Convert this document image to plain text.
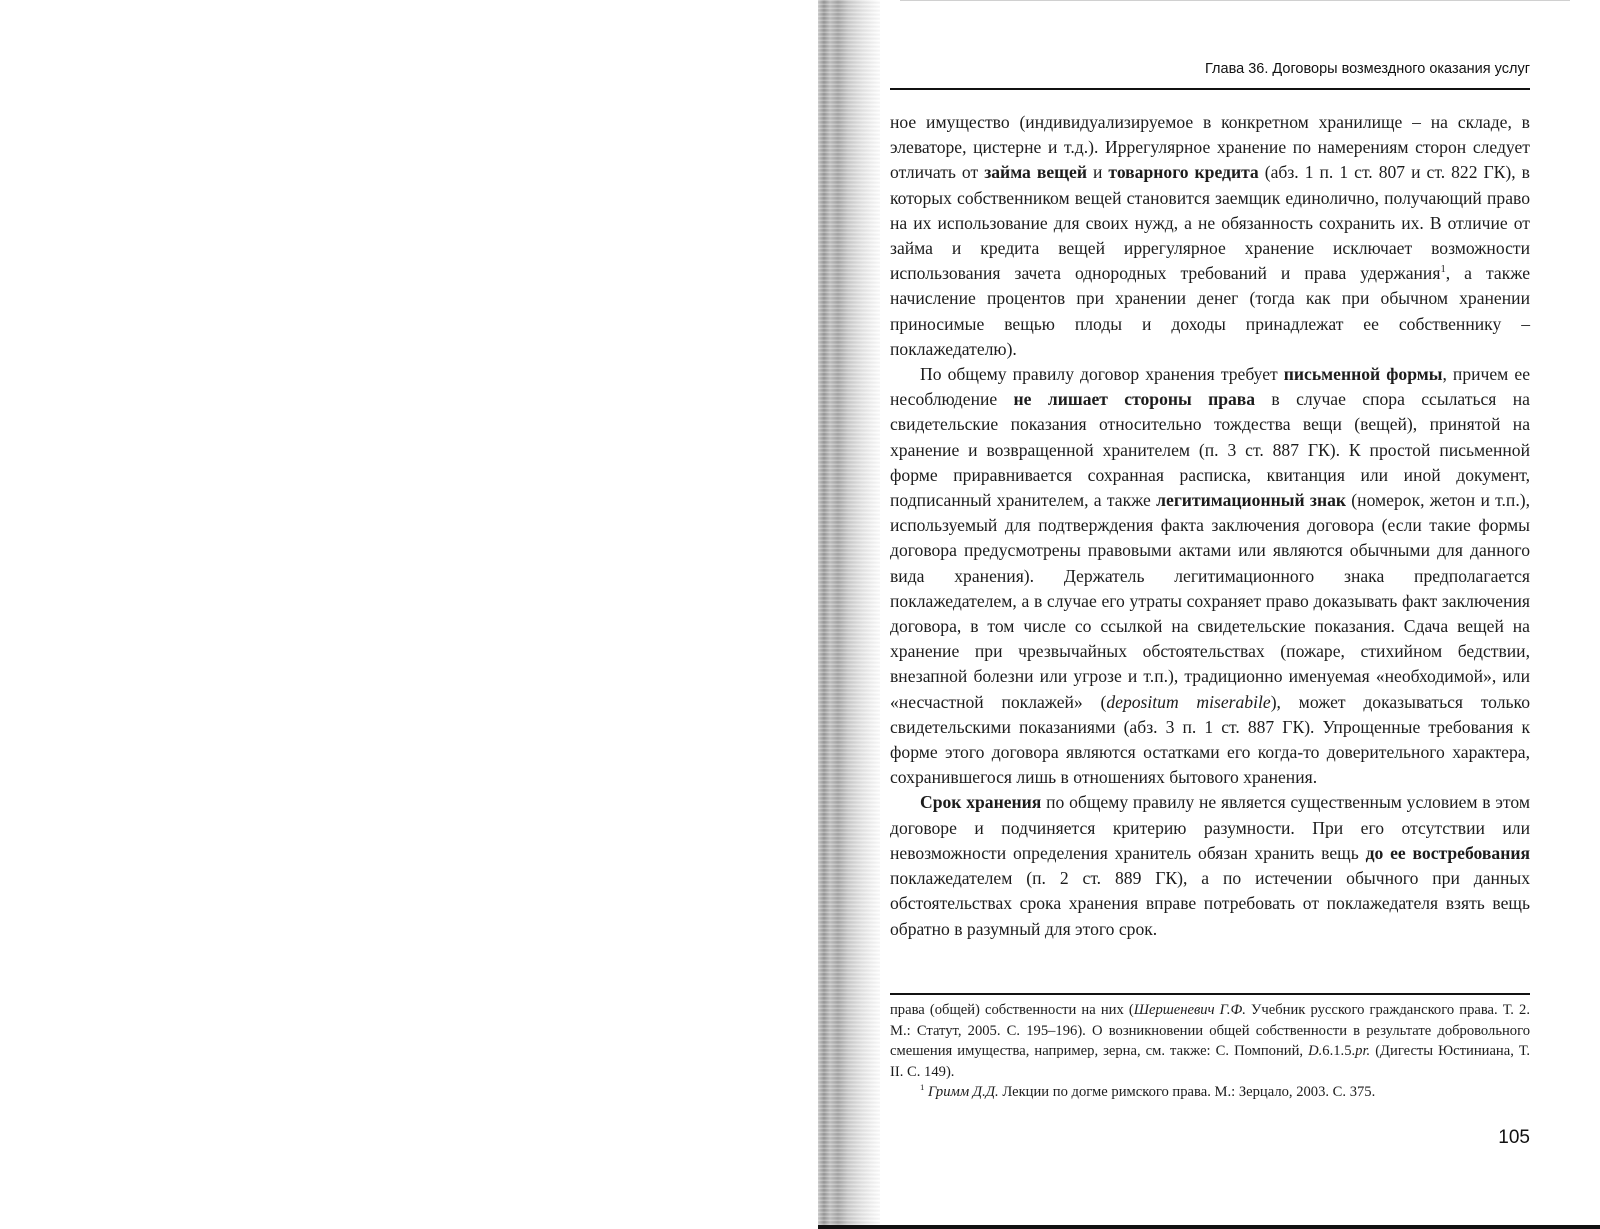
Глава 36. Договоры возмездного оказания услуг

ное имущество (индивидуализируемое в конкретном хранилище – на складе, в элеваторе, цистерне и т.д.). Иррегулярное хранение по намерениям сторон следует отличать от займа вещей и товарного кредита (абз. 1 п. 1 ст. 807 и ст. 822 ГК), в которых собственником вещей становится заемщик единолично, получающий право на их использование для своих нужд, а не обязанность сохранить их. В отличие от займа и кредита вещей иррегулярное хранение исключает возможности использования зачета однородных требований и права удержания$^1$, а также начисление процентов при хранении денег (тогда как при обычном хранении приносимые вещью плоды и доходы принадлежат ее собственнику – поклажедателю).

По общему правилу договор хранения требует письменной формы, причем ее несоблюдение не лишает стороны права в случае спора ссылаться на свидетельские показания относительно тождества вещи (вещей), принятой на хранение и возвращенной хранителем (п. 3 ст. 887 ГК). К простой письменной форме приравнивается сохранная расписка, квитанция или иной документ, подписанный хранителем, а также легитимационный знак (номерок, жетон и т.п.), используемый для подтверждения факта заключения договора (если такие формы договора предусмотрены правовыми актами или являются обычными для данного вида хранения). Держатель легитимационного знака предполагается поклажедателем, а в случае его утраты сохраняет право доказывать факт заключения договора, в том числе со ссылкой на свидетельские показания. Сдача вещей на хранение при чрезвычайных обстоятельствах (пожаре, стихийном бедствии, внезапной болезни или угрозе и т.п.), традиционно именуемая «необходимой», или «несчастной поклажей» (depositum miserabile), может доказываться только свидетельскими показаниями (абз. 3 п. 1 ст. 887 ГК). Упрощенные требования к форме этого договора являются остатками его когда-то доверительного характера, сохранившегося лишь в отношениях бытового хранения.

Срок хранения по общему правилу не является существенным условием в этом договоре и подчиняется критерию разумности. При его отсутствии или невозможности определения хранитель обязан хранить вещь до ее востребования поклажедателем (п. 2 ст. 889 ГК), а по истечении обычного при данных обстоятельствах срока хранения вправе потребовать от поклажедателя взять вещь обратно в разумный для этого срок.

права (общей) собственности на них (Шершеневич Г.Ф. Учебник русского гражданского права. Т. 2. М.: Статут, 2005. С. 195–196). О возникновении общей собственности в результате добровольного смешения имущества, например, зерна, см. также: С. Помпоний, D.6.1.5.pr. (Дигесты Юстиниана, Т. II. С. 149).

$^1$ Гримм Д.Д. Лекции по догме римского права. М.: Зерцало, 2003. С. 375.

105
